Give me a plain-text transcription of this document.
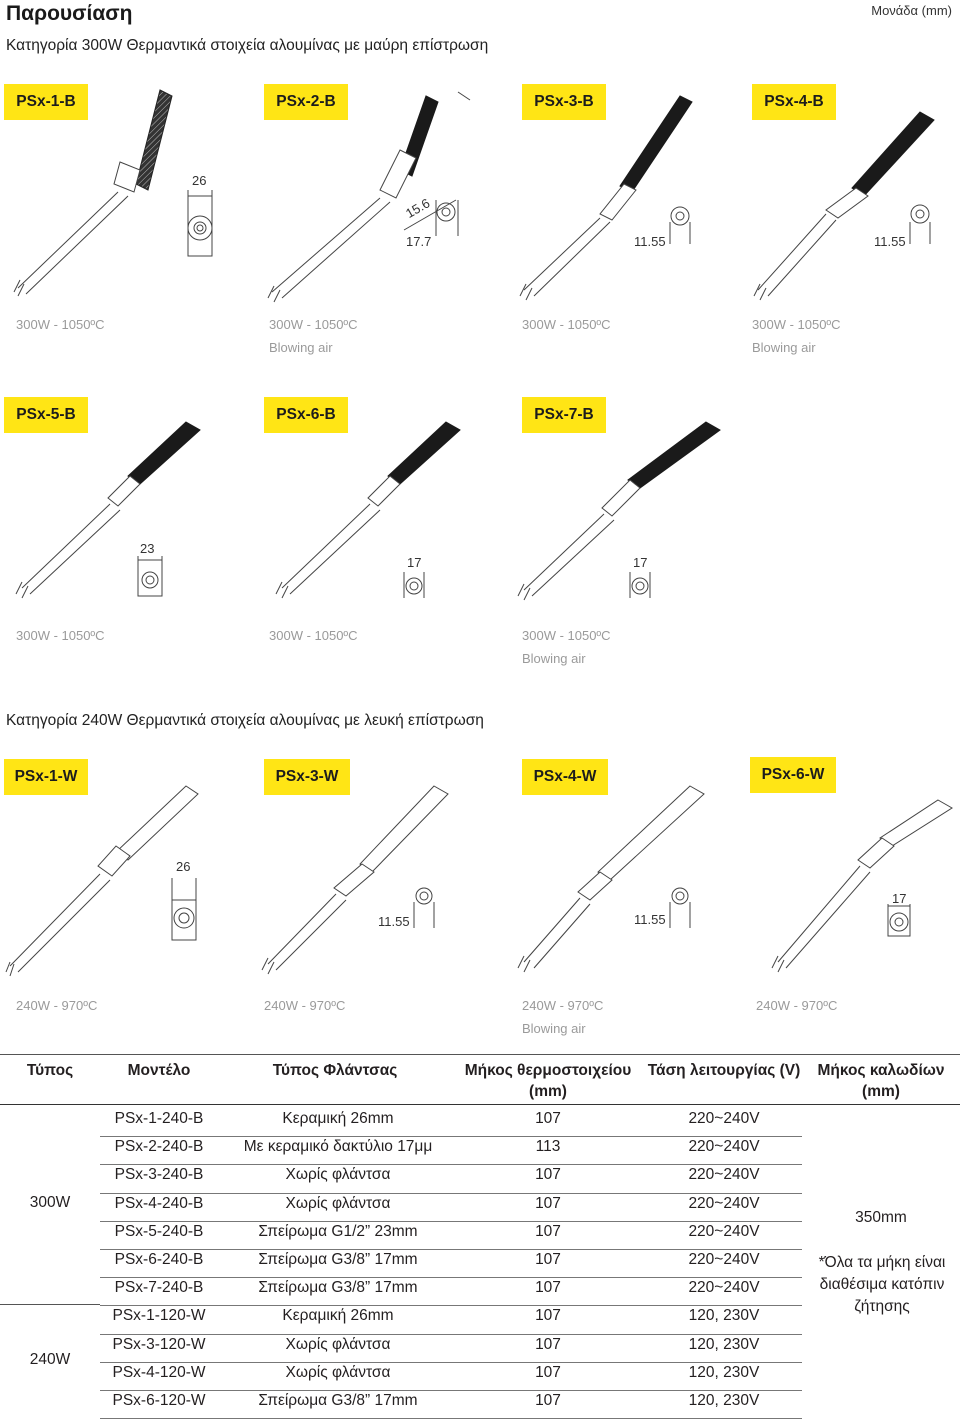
Παρουσίαση	Μονάδα (mm)
Κατηγορία 300W Θερμαντικά στοιχεία αλουμίνας με μαύρη επίστρωση
PSx-1-B	PSx-2-B	PSx-3-B	PSx-4-B
26
15.6
17.7	11.55	11.55
23
17	17
26
11.55	11.55
17
300W - 1050ºC	300W - 1050ºC
Blowing air
300W - 1050ºC	300W - 1050ºC
Blowing air
PSx-5-B	PSx-6-B	PSx-7-B
300W - 1050ºC	300W - 1050ºC	300W - 1050ºC
Blowing air
Κατηγορία 240W Θερμαντικά στοιχεία αλουμίνας με λευκή επίστρωση
PSx-1-W	PSx-3-W	PSx-4-W	PSx-6-W
240W - 970ºC	240W - 970ºC	240W - 970ºC
Blowing air
240W - 970ºC
Τύπος	Μοντέλο	Τύπος Φλάντσας	Μήκος θερμοστοιχείου (mm)
Τάση λειτουργίας (V)	Μήκος καλωδίων (mm)
300W
240W
PSx-1-240-B	Κεραμική 26mm	107	220~240V
PSx-2-240-B	Με κεραμικό δακτύλιο 17μμ	113	220~240V
PSx-3-240-B	Χωρίς φλάντσα	107	220~240V
PSx-4-240-B	Χωρίς φλάντσα	107	220~240V
PSx-5-240-B	Σπείρωμα G1/2” 23mm	107	220~240V
PSx-6-240-B	Σπείρωμα G3/8” 17mm	107	220~240V
PSx-7-240-B	Σπείρωμα G3/8” 17mm	107	220~240V
PSx-1-120-W	Κεραμική 26mm	107	120, 230V
PSx-3-120-W	Χωρίς φλάντσα	107	120, 230V
PSx-4-120-W	Χωρίς φλάντσα	107	120, 230V
PSx-6-120-W	Σπείρωμα G3/8” 17mm	107	120, 230V
350mm
*Όλα τα μήκη είναι διαθέσιμα κατόπιν ζήτησης
